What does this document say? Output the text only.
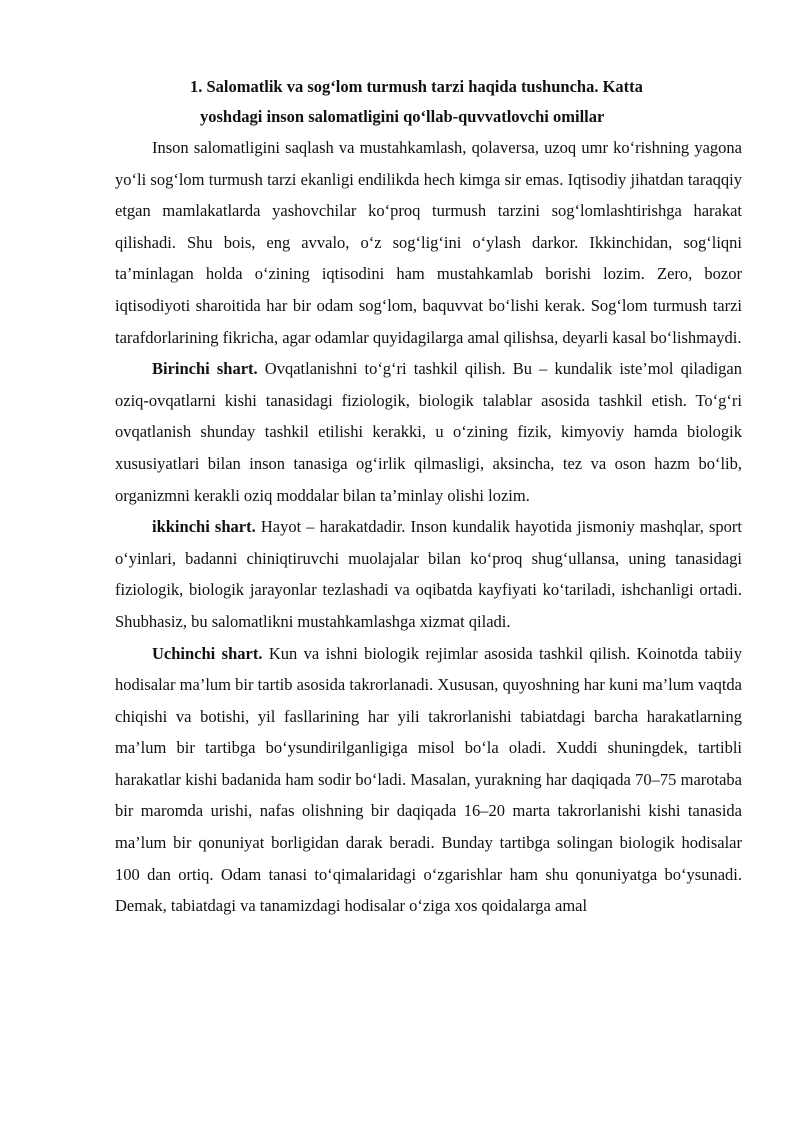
1. Salomatlik va sog‘lom turmush tarzi haqida tushuncha. Katta
yoshdagi inson salomatligini qo‘llab-quvvatlovchi omillar

Inson salomatligini saqlash va mustahkamlash, qolaversa, uzoq umr ko‘rishning yagona yo‘li sog‘lom turmush tarzi ekanligi endilikda hech kimga sir emas. Iqtisodiy jihatdan taraqqiy etgan mamlakatlarda yashovchilar ko‘proq turmush tarzini sog‘lomlashtirishga harakat qilishadi. Shu bois, eng avvalo, o‘z sog‘lig‘ini o‘ylash darkor. Ikkinchidan, sog‘liqni ta’minlagan holda o‘zining iqtisodini ham mustahkamlab borishi lozim. Zero, bozor iqtisodiyoti sharoitida har bir odam sog‘lom, baquvvat bo‘lishi kerak. Sog‘lom turmush tarzi tarafdorlarining fikricha, agar odamlar quyidagilarga amal qilishsa, deyarli kasal bo‘lishmaydi.

Birinchi shart. Ovqatlanishni to‘g‘ri tashkil qilish. Bu – kundalik iste’mol qiladigan oziq-ovqatlarni kishi tanasidagi fiziologik, biologik talablar asosida tashkil etish. To‘g‘ri ovqatlanish shunday tashkil etilishi kerakki, u o‘zining fizik, kimyoviy hamda biologik xususiyatlari bilan inson tanasiga og‘irlik qilmasligi, aksincha, tez va oson hazm bo‘lib, organizmni kerakli oziq moddalar bilan ta’minlay olishi lozim.

ikkinchi shart. Hayot – harakatdadir. Inson kundalik hayotida jismoniy mashqlar, sport o‘yinlari, badanni chiniqtiruvchi muolajalar bilan ko‘proq shug‘ullansa, uning tanasidagi fiziologik, biologik jarayonlar tezlashadi va oqibatda kayfiyati ko‘tariladi, ishchanligi ortadi. Shubhasiz, bu salomatlikni mustahkamlashga xizmat qiladi.

Uchinchi shart. Kun va ishni biologik rejimlar asosida tashkil qilish. Koinotda tabiiy hodisalar ma’lum bir tartib asosida takrorlanadi. Xususan, quyoshning har kuni ma’lum vaqtda chiqishi va botishi, yil fasllarining har yili takrorlanishi tabiatdagi barcha harakatlarning ma’lum bir tartibga bo‘ysundirilganligiga misol bo‘la oladi. Xuddi shuningdek, tartibli harakatlar kishi badanida ham sodir bo‘ladi. Masalan, yurakning har daqiqada 70–75 marotaba bir maromda urishi, nafas olishning bir daqiqada 16–20 marta takrorlanishi kishi tanasida ma’lum bir qonuniyat borligidan darak beradi. Bunday tartibga solingan biologik hodisalar 100 dan ortiq. Odam tanasi to‘qimalaridagi o‘zgarishlar ham shu qonuniyatga bo‘ysunadi. Demak, tabiatdagi va tanamizdagi hodisalar o‘ziga xos qoidalarga amal
